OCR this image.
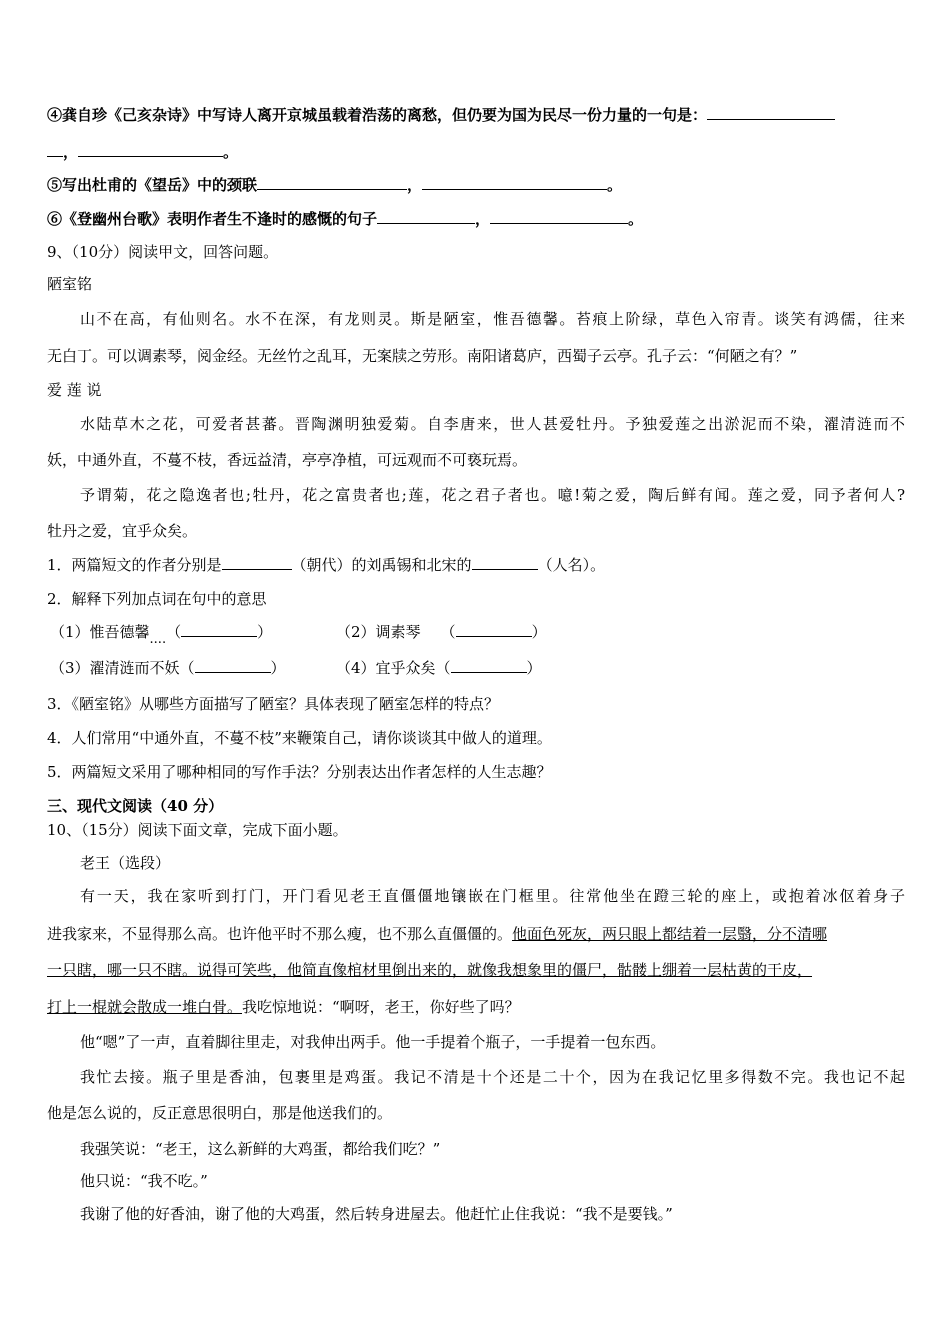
④龚自珍《己亥杂诗》中写诗人离开京城虽载着浩荡的离愁，但仍要为国为民尽一份力量的一句是：
，	。
⑤写出杜甫的《望岳》中的颈联	，	。
⑥《登幽州台歌》表明作者生不逢时的感慨的句子	，	。
9、（10分）阅读甲文，回答问题。
陋室铭
山不在高，有仙则名。水不在深，有龙则灵。斯是陋室，惟吾德馨。苔痕上阶绿，草色入帘青。谈笑有鸿儒，往来
无白丁。可以调素琴，阅金经。无丝竹之乱耳，无案牍之劳形。南阳诸葛庐，西蜀子云亭。孔子云：“何陋之有？”
爱 莲 说
水陆草木之花，可爱者甚蕃。晋陶渊明独爱菊。自李唐来，世人甚爱牡丹。予独爱莲之出淤泥而不染，濯清涟而不
妖，中通外直，不蔓不枝，香远益清，亭亭净植，可远观而不可亵玩焉。
予谓菊，花之隐逸者也;牡丹，花之富贵者也;莲，花之君子者也。噫!菊之爱，陶后鲜有闻。莲之爱，同予者何人?
牡丹之爱，宜乎众矣。
1．两篇短文的作者分别是	（朝代）的刘禹锡和北宋的	（人名）。
2．解释下列加点词在句中的意思
（1）惟吾德馨....（	）	（2）调素琴 （	）
（3）濯清涟而不妖（	）	（4）宜乎众矣（	）
3．《陋室铭》从哪些方面描写了陋室？具体表现了陋室怎样的特点？
4．人们常用“中通外直，不蔓不枝”来鞭策自己，请你谈谈其中做人的道理。
5．两篇短文采用了哪种相同的写作手法？分别表达出作者怎样的人生志趣？
三、现代文阅读（40 分）
10、（15分）阅读下面文章，完成下面小题。
老王（选段）
有一天，我在家听到打门，开门看见老王直僵僵地镶嵌在门框里。往常他坐在蹬三轮的座上，或抱着冰伛着身子
进我家来，不显得那么高。也许他平时不那么瘦，也不那么直僵僵的。他面色死灰，两只眼上都结着一层翳，分不清哪
一只瞎，哪一只不瞎。说得可笑些，他简直像棺材里倒出来的，就像我想象里的僵尸，骷髅上绷着一层枯黄的干皮，
打上一棍就会散成一堆白骨。我吃惊地说：“啊呀，老王，你好些了吗？
他“嗯”了一声，直着脚往里走，对我伸出两手。他一手提着个瓶子，一手提着一包东西。
我忙去接。瓶子里是香油，包裹里是鸡蛋。我记不清是十个还是二十个，因为在我记忆里多得数不完。我也记不起
他是怎么说的，反正意思很明白，那是他送我们的。
我强笑说：“老王，这么新鲜的大鸡蛋，都给我们吃？”
他只说：“我不吃。”
我谢了他的好香油，谢了他的大鸡蛋，然后转身进屋去。他赶忙止住我说：“我不是要钱。”
